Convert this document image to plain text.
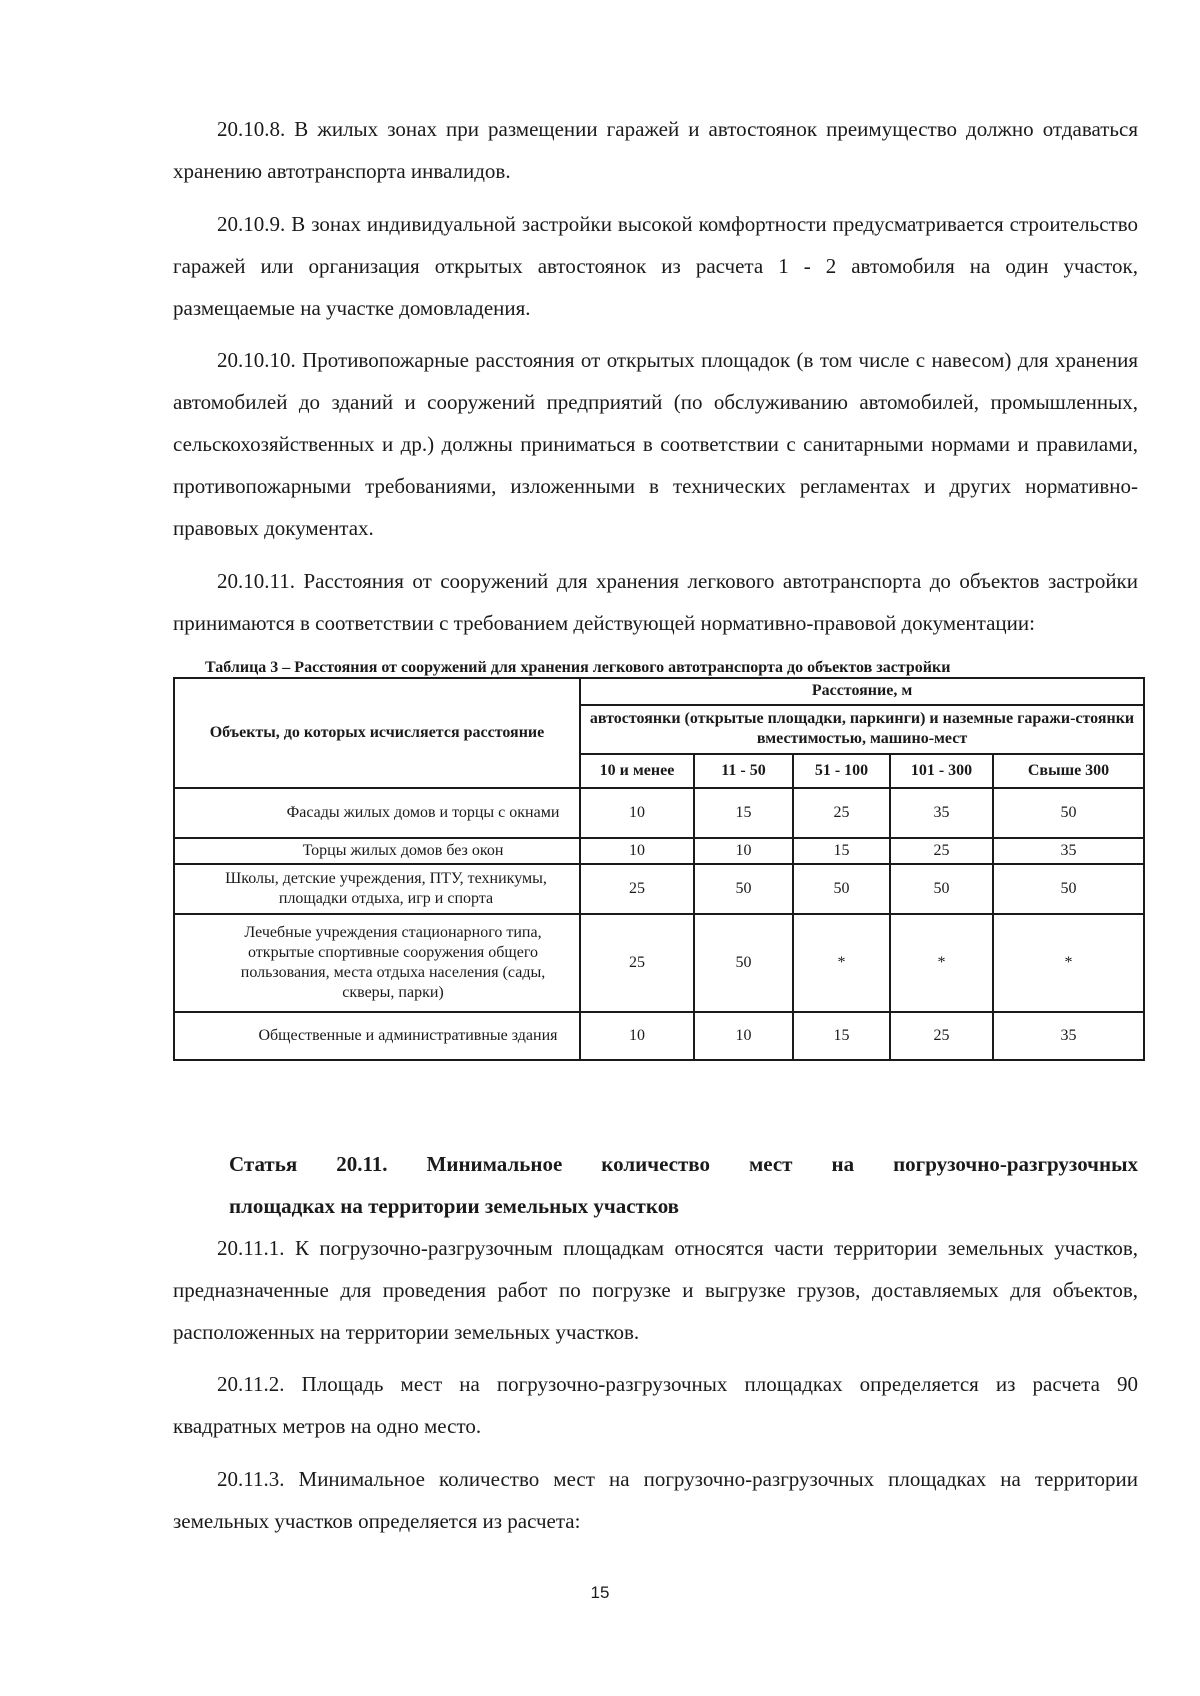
20.10.8. В жилых зонах при размещении гаражей и автостоянок преимущество должно отдаваться хранению автотранспорта инвалидов.

20.10.9. В зонах индивидуальной застройки высокой комфортности предусматривается строительство гаражей или организация открытых автостоянок из расчета 1 - 2 автомобиля на один участок, размещаемые на участке домовладения.

20.10.10. Противопожарные расстояния от открытых площадок (в том числе с навесом) для хранения автомобилей до зданий и сооружений предприятий (по обслуживанию автомобилей, промышленных, сельскохозяйственных и др.) должны приниматься в соответствии с санитарными нормами и правилами, противопожарными требованиями, изложенными в технических регламентах и других нормативно-правовых документах.

20.10.11. Расстояния от сооружений для хранения легкового автотранспорта до объектов застройки принимаются в соответствии с требованием действующей нормативно-правовой документации:

Таблица 3 – Расстояния от сооружений для хранения легкового автотранспорта до объектов застройки
Объекты, до которых исчисляется расстояние	Расстояние, м				
	автостоянки (открытые площадки, паркинги) и наземные гаражи-стоянки вместимостью, машино-мест				
	10 и менее	11 - 50	51 - 100	101 - 300	Свыше 300
Фасады жилых домов и торцы с окнами	10	15	25	35	50
Торцы жилых домов без окон	10	10	15	25	35
Школы, детские учреждения, ПТУ, техникумы, площадки отдыха, игр и спорта	25	50	50	50	50
Лечебные учреждения стационарного типа, открытые спортивные сооружения общего пользования, места отдыха населения (сады, скверы, парки)	25	50	*	*	*
Общественные и административные здания	10	10	15	25	35

Статья 20.11. Минимальное количество мест на погрузочно-разгрузочных

площадках на территории земельных участков

20.11.1. К погрузочно-разгрузочным площадкам относятся части территории земельных участков, предназначенные для проведения работ по погрузке и выгрузке грузов, доставляемых для объектов, расположенных на территории земельных участков.

20.11.2. Площадь мест на погрузочно-разгрузочных площадках определяется из расчета 90 квадратных метров на одно место.

20.11.3. Минимальное количество мест на погрузочно-разгрузочных площадках на территории земельных участков определяется из расчета:

15
